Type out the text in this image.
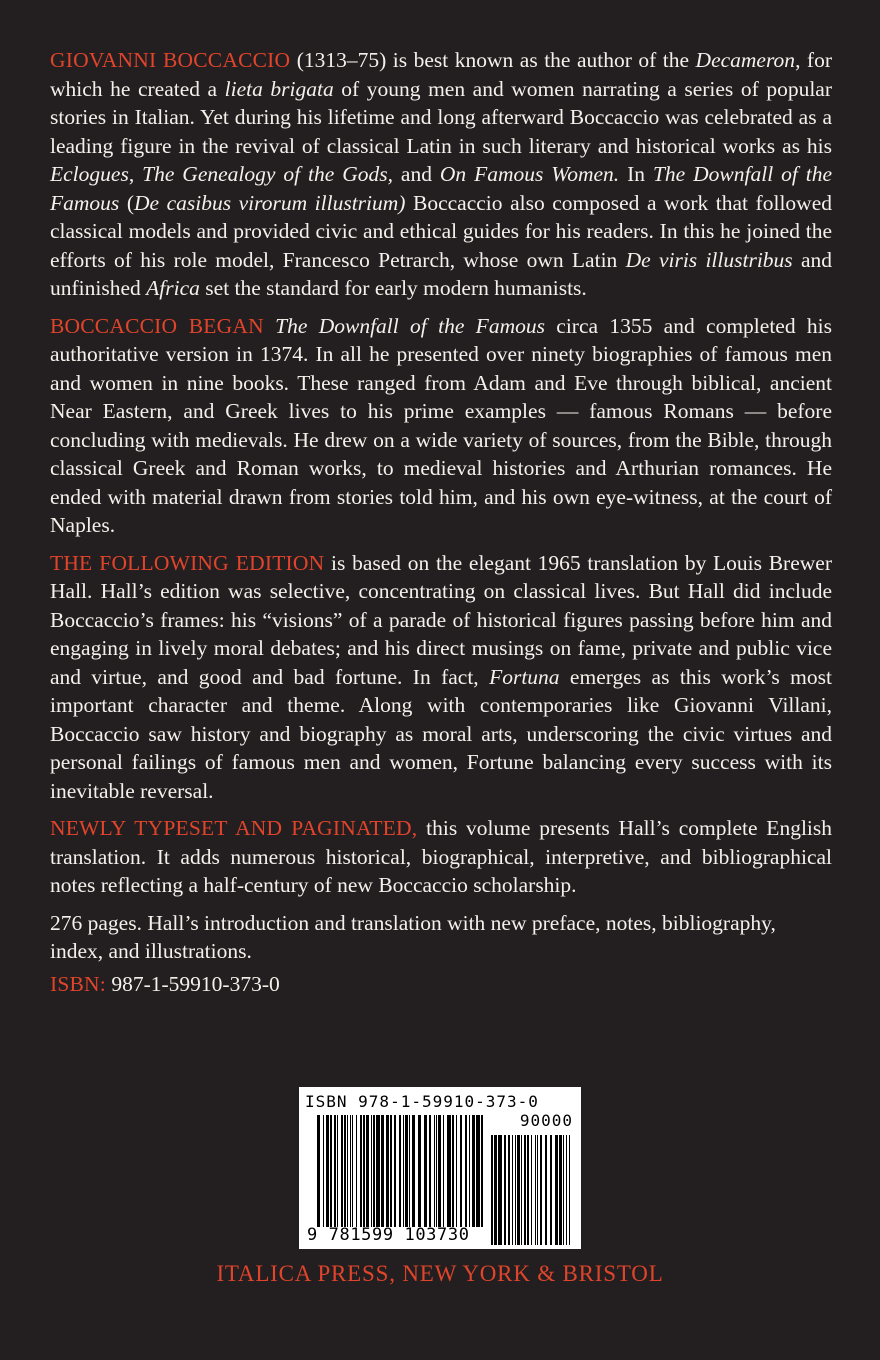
GIOVANNI BOCCACCIO (1313–75) is best known as the author of the Decameron, for which he created a lieta brigata of young men and women narrating a series of popular stories in Italian. Yet during his lifetime and long afterward Boccaccio was celebrated as a leading figure in the revival of classical Latin in such literary and historical works as his Eclogues, The Genealogy of the Gods, and On Famous Women. In The Downfall of the Famous (De casibus virorum illustrium) Boccaccio also composed a work that followed classical models and provided civic and ethical guides for his readers. In this he joined the efforts of his role model, Francesco Petrarch, whose own Latin De viris illustribus and unfinished Africa set the standard for early modern humanists.

BOCCACCIO BEGAN The Downfall of the Famous circa 1355 and completed his authoritative version in 1374. In all he presented over ninety biographies of famous men and women in nine books. These ranged from Adam and Eve through biblical, ancient Near Eastern, and Greek lives to his prime examples — famous Romans — before concluding with medievals. He drew on a wide variety of sources, from the Bible, through classical Greek and Roman works, to medieval histories and Arthurian romances. He ended with material drawn from stories told him, and his own eye-witness, at the court of Naples.

THE FOLLOWING EDITION is based on the elegant 1965 translation by Louis Brewer Hall. Hall’s edition was selective, concentrating on classical lives. But Hall did include Boccaccio’s frames: his “visions” of a parade of historical figures passing before him and engaging in lively moral debates; and his direct musings on fame, private and public vice and virtue, and good and bad fortune. In fact, Fortuna emerges as this work’s most important character and theme. Along with contemporaries like Giovanni Villani, Boccaccio saw history and biography as moral arts, underscoring the civic virtues and personal failings of famous men and women, Fortune balancing every success with its inevitable reversal.

NEWLY TYPESET AND PAGINATED, this volume presents Hall’s complete English translation. It adds numerous historical, biographical, interpretive, and bibliographical notes reflecting a half-century of new Boccaccio scholarship.

276 pages. Hall’s introduction and translation with new preface, notes, bibliography, index, and illustrations.

ISBN: 987-1-59910-373-0

ISBN 978-1-59910-373-0
90000
9 781599 103730
ITALICA PRESS, NEW YORK & BRISTOL
